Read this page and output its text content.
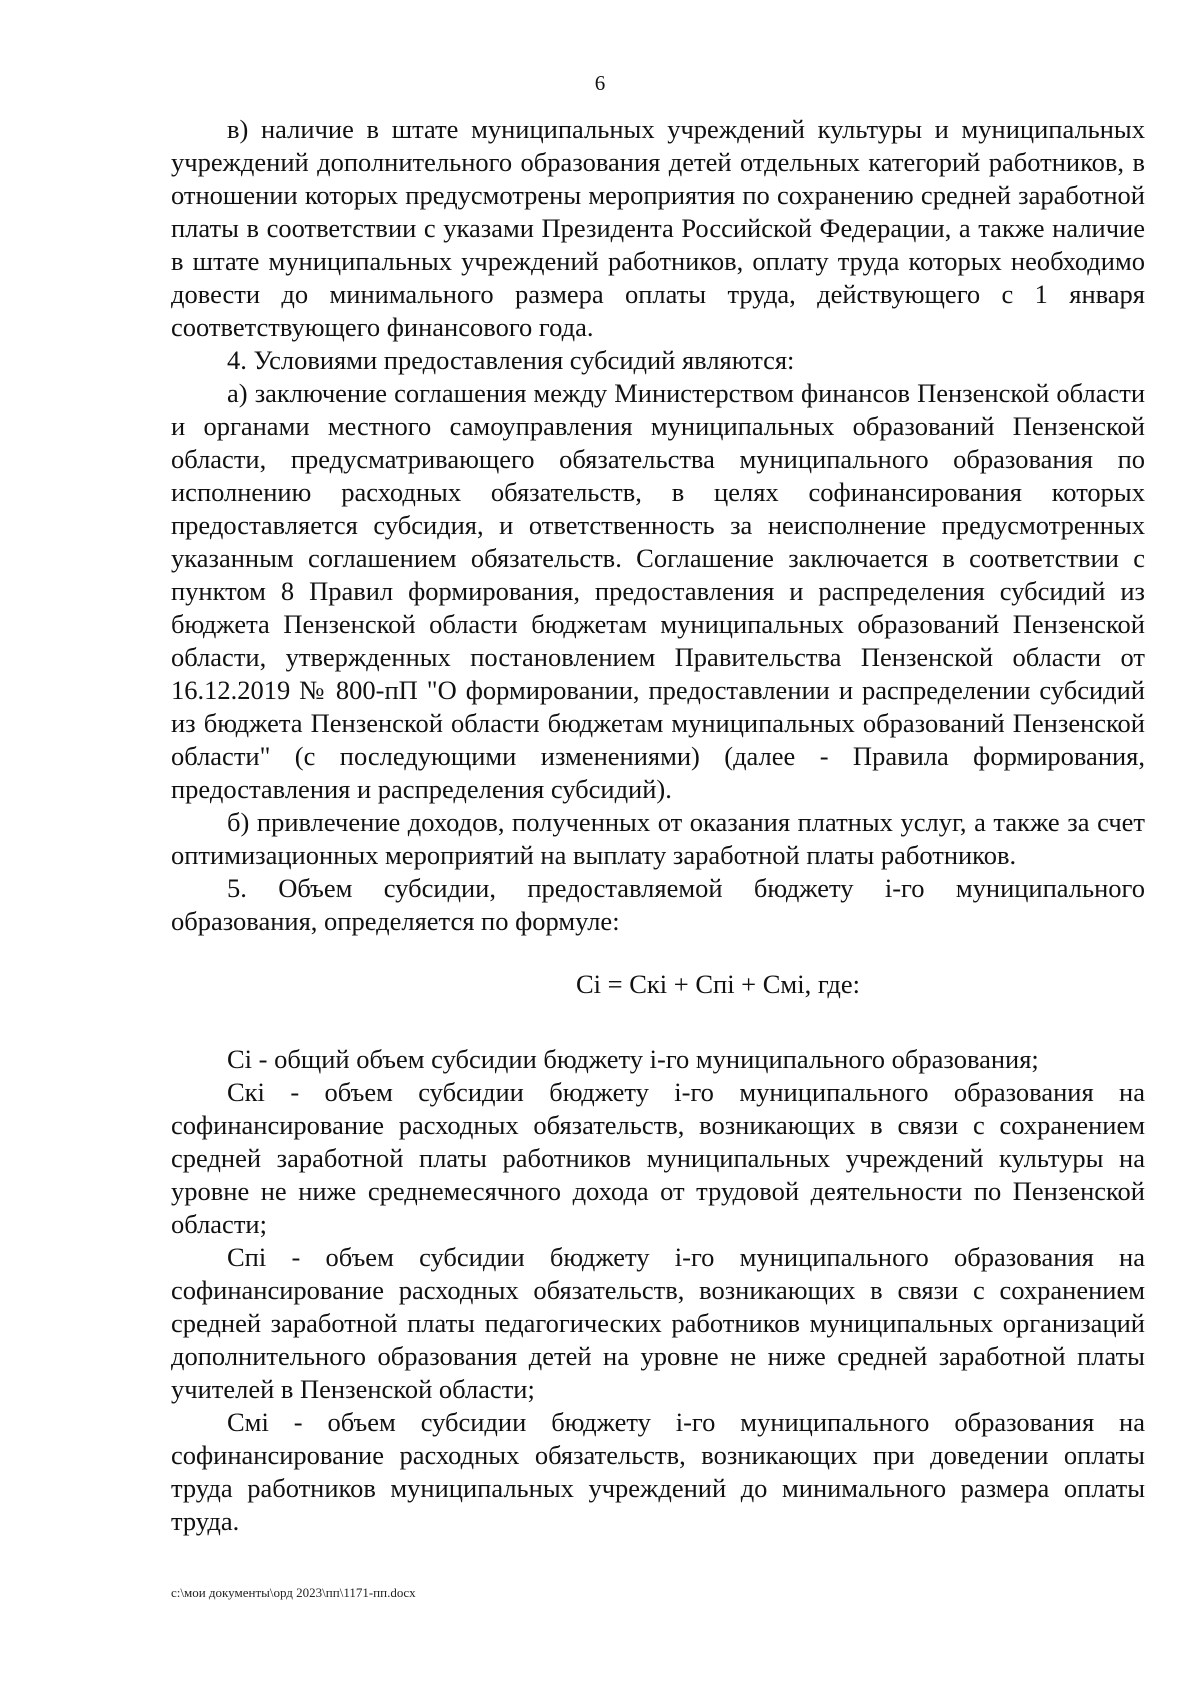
6

в) наличие в штате муниципальных учреждений культуры и муниципальных учреждений дополнительного образования детей отдельных категорий работников, в отношении которых предусмотрены мероприятия по сохранению средней заработной платы в соответствии с указами Президента Российской Федерации, а также наличие в штате муниципальных учреждений работников, оплату труда которых необходимо довести до минимального размера оплаты труда, действующего с 1 января соответствующего финансового года.

4. Условиями предоставления субсидий являются:

а) заключение соглашения между Министерством финансов Пензенской области и органами местного самоуправления муниципальных образований Пензенской области, предусматривающего обязательства муниципального образования по исполнению расходных обязательств, в целях софинансирования которых предоставляется субсидия, и ответственность за неисполнение предусмотренных указанным соглашением обязательств. Соглашение заключается в соответствии с пунктом 8 Правил формирования, предоставления и распределения субсидий из бюджета Пензенской области бюджетам муниципальных образований Пензенской области, утвержденных постановлением Правительства Пензенской области от 16.12.2019 № 800-пП "О формировании, предоставлении и распределении субсидий из бюджета Пензенской области бюджетам муниципальных образований Пензенской области" (с последующими изменениями) (далее - Правила формирования, предоставления и распределения субсидий).

б) привлечение доходов, полученных от оказания платных услуг, а также за счет оптимизационных мероприятий на выплату заработной платы работников.

5. Объем субсидии, предоставляемой бюджету i-го муниципального образования, определяется по формуле:

Ci = Cкi + Cпi + Cмi, где:

Ci - общий объем субсидии бюджету i-го муниципального образования;

Cкi - объем субсидии бюджету i-го муниципального образования на софинансирование расходных обязательств, возникающих в связи с сохранением средней заработной платы работников муниципальных учреждений культуры на уровне не ниже среднемесячного дохода от трудовой деятельности по Пензенской области;

Cпi - объем субсидии бюджету i-го муниципального образования на софинансирование расходных обязательств, возникающих в связи с сохранением средней заработной платы педагогических работников муниципальных организаций дополнительного образования детей на уровне не ниже средней заработной платы учителей в Пензенской области;

Cмi - объем субсидии бюджету i-го муниципального образования на софинансирование расходных обязательств, возникающих при доведении оплаты труда работников муниципальных учреждений до минимального размера оплаты труда.

c:\мои документы\орд 2023\пп\1171-пп.docx
